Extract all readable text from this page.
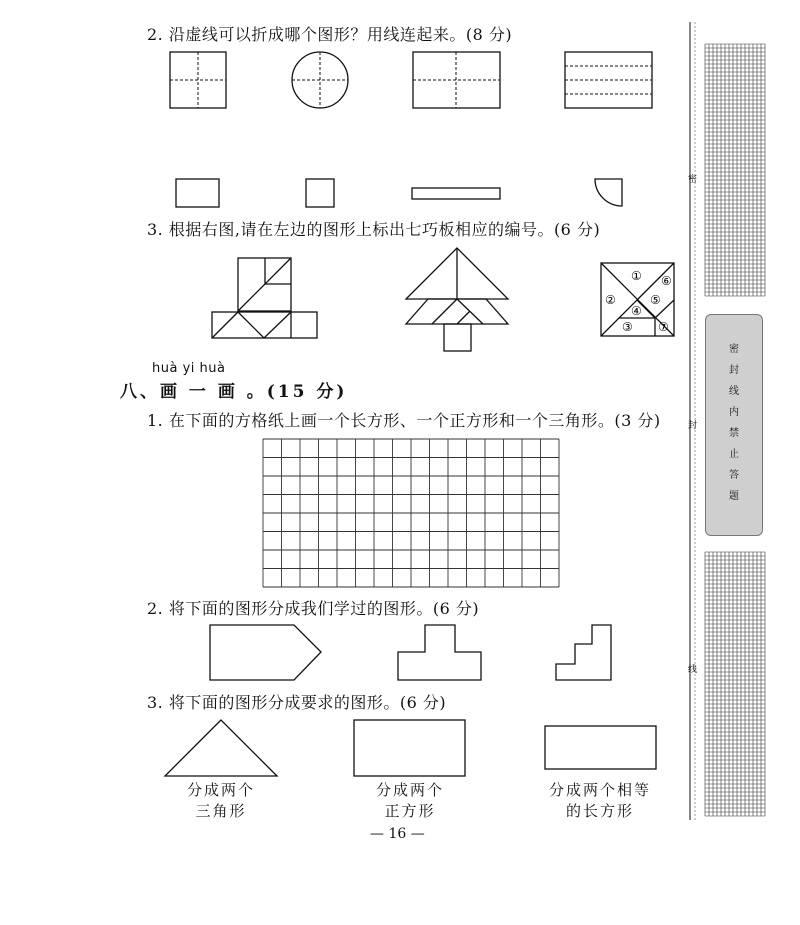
2. 沿虚线可以折成哪个图形？用线连起来。(8 分)
3. 根据右图,请在左边的图形上标出七巧板相应的编号。(6 分)
①
②
③
④
⑤
⑥
⑦
huà yi huà
八、画 一 画 。(15 分)
1. 在下面的方格纸上画一个长方形、一个正方形和一个三角形。(3 分)
2. 将下面的图形分成我们学过的图形。(6 分)
3. 将下面的图形分成要求的图形。(6 分)
分成两个
三角形
分成两个
正方形
分成两个相等
的长方形
— 16 —
密
封
线
密
封
线
内
禁
止
答
题
